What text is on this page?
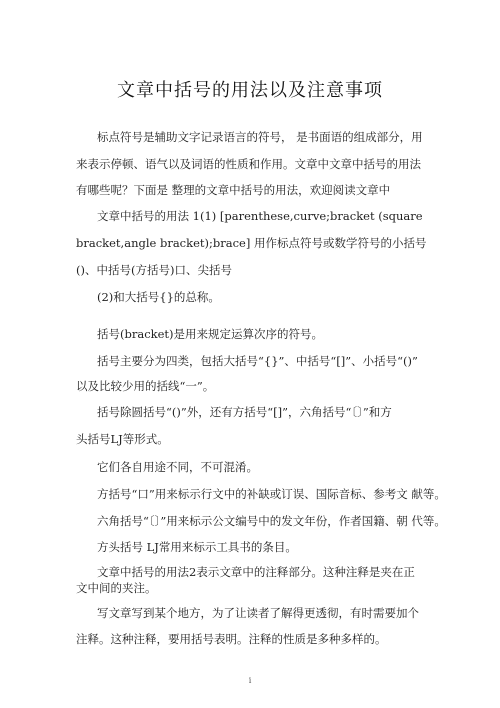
文章中括号的用法以及注意事项
标点符号是辅助文字记录语言的符号， 是书面语的组成部分，用
来表示停顿、语气以及词语的性质和作用。文章中文章中括号的用法
有哪些呢？下面是 整理的文章中括号的用法，欢迎阅读文章中
文章中括号的用法 1(1) [parenthese,curve;bracket (square
bracket,angle bracket);brace] 用作标点符号或数学符号的小括号
()、中括号(方括号)口、尖括号
(2)和大括号{}的总称。
括号(bracket)是用来规定运算次序的符号。
括号主要分为四类，包括大括号“{}”、中括号“[]”、小括号“()”
以及比较少用的括线“一”。
括号除圆括号“()”外，还有方括号“[]”，六角括号“〔〕”和方
头括号LJ等形式。
它们各自用途不同，不可混淆。
方括号“口”用来标示行文中的补缺或订误、国际音标、参考文 献等。
六角括号“〔〕”用来标示公文编号中的发文年份，作者国籍、朝 代等。
方头括号 LJ常用来标示工具书的条目。
文章中括号的用法2表示文章中的注释部分。这种注释是夹在正
文中间的夹注。
写文章写到某个地方，为了让读者了解得更透彻，有时需要加个
注释。这种注释，要用括号表明。注释的性质是多种多样的。
i
